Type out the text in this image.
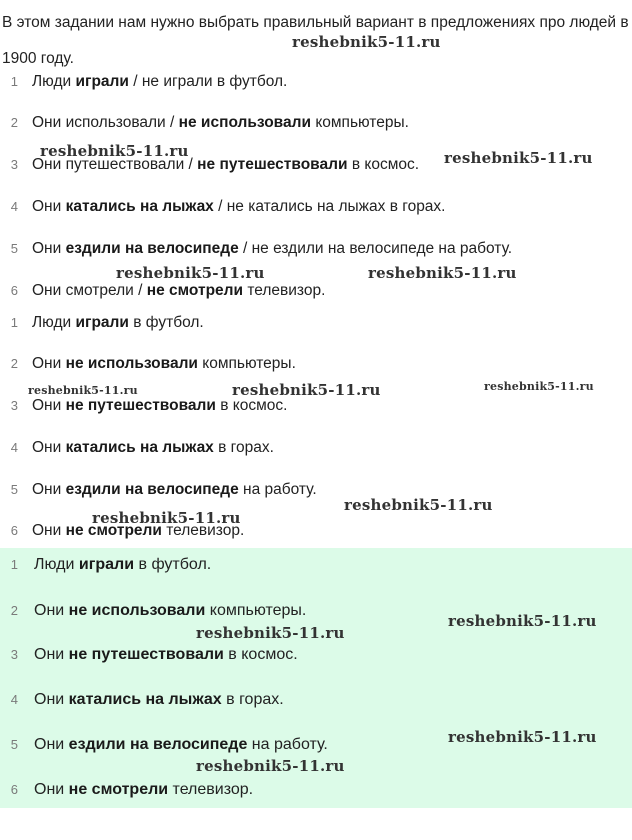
В этом задании нам нужно выбрать правильный вариант в предложениях про людей в 1900 году.

1 Люди играли / не играли в футбол.
2 Они использовали / не использовали компьютеры.
3 Они путешествовали / не путешествовали в космос.
4 Они катались на лыжах / не катались на лыжах в горах.
5 Они ездили на велосипеде / не ездили на велосипеде на работу.
6 Они смотрели / не смотрели телевизор.
1 Люди играли в футбол.
2 Они не использовали компьютеры.
3 Они не путешествовали в космос.
4 Они катались на лыжах в горах.
5 Они ездили на велосипеде на работу.
6 Они не смотрели телевизор.
1 Люди играли в футбол.
2 Они не использовали компьютеры.
3 Они не путешествовали в космос.
4 Они катались на лыжах в горах.
5 Они ездили на велосипеде на работу.
6 Они не смотрели телевизор.
reshebnik5-11.ru
reshebnik5-11.ru	reshebnik5-11.ru
reshebnik5-11.ru	reshebnik5-11.ru
reshebnik5-11.ru	reshebnik5-11.ru	reshebnik5-11.ru
reshebnik5-11.ru
reshebnik5-11.ru
reshebnik5-11.ru
reshebnik5-11.ru
reshebnik5-11.ru
reshebnik5-11.ru
